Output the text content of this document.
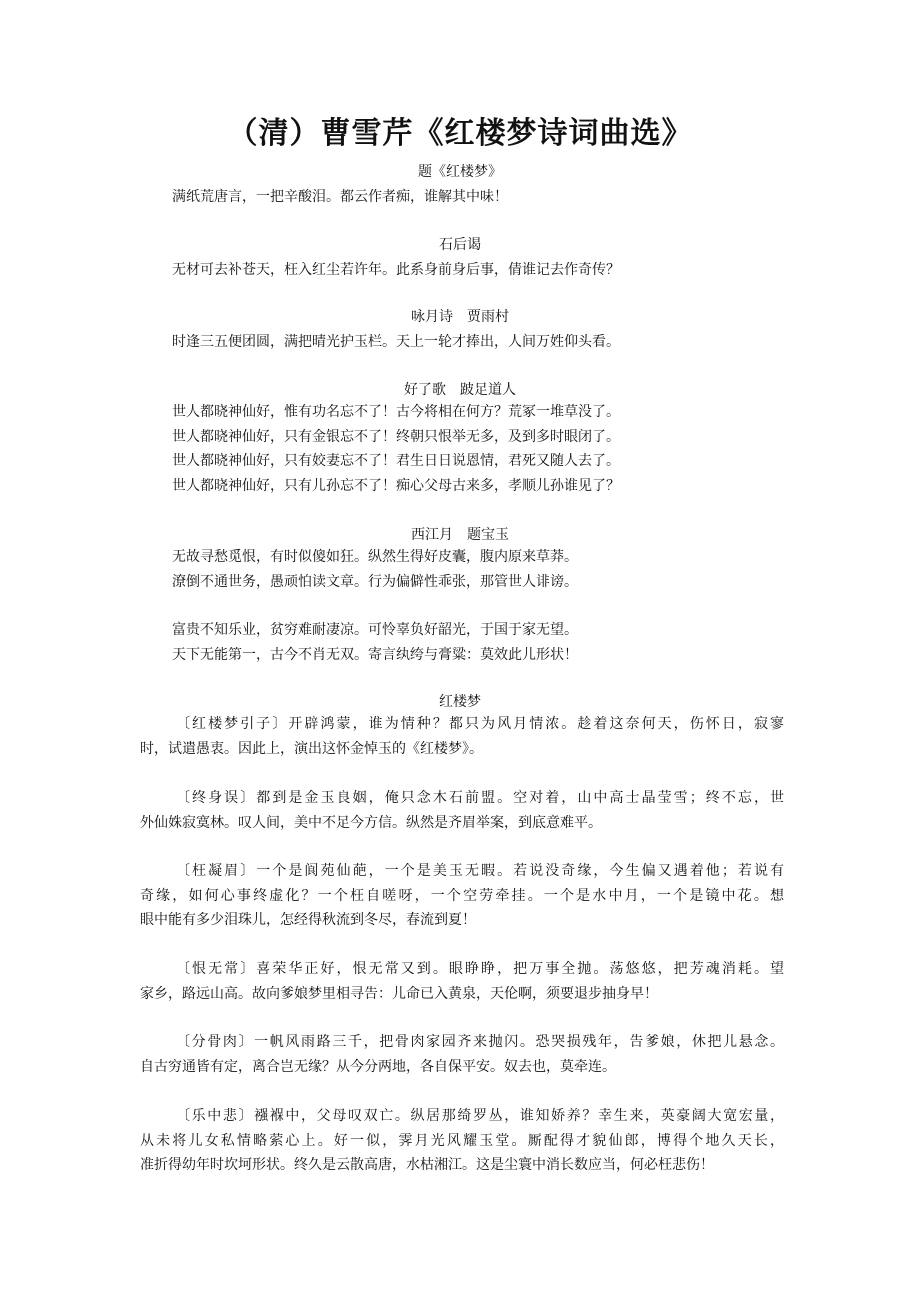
（清）曹雪芹《红楼梦诗词曲选》

题《红楼梦》

满纸荒唐言，一把辛酸泪。都云作者痴，谁解其中味！

石后谒

无材可去补苍天，枉入红尘若许年。此系身前身后事，倩谁记去作奇传？

咏月诗　贾雨村

时逢三五便团圆，满把晴光护玉栏。天上一轮才捧出，人间万姓仰头看。

好了歌　跛足道人

世人都晓神仙好，惟有功名忘不了！古今将相在何方？荒冢一堆草没了。
世人都晓神仙好，只有金银忘不了！终朝只恨举无多，及到多时眼闭了。
世人都晓神仙好，只有姣妻忘不了！君生日日说恩情，君死又随人去了。
世人都晓神仙好，只有儿孙忘不了！痴心父母古来多，孝顺儿孙谁见了？

西江月　题宝玉

无故寻愁觅恨，有时似傻如狂。纵然生得好皮囊，腹内原来草莽。
潦倒不通世务，愚顽怕读文章。行为偏僻性乖张，那管世人诽谤。
富贵不知乐业，贫穷难耐凄凉。可怜辜负好韶光，于国于家无望。
天下无能第一，古今不肖无双。寄言纨绔与膏粱：莫效此儿形状！

红楼梦

〔红楼梦引子〕开辟鸿蒙，谁为情种？都只为风月情浓。趁着这奈何天，伤怀日，寂寥
时，试遣愚衷。因此上，演出这怀金悼玉的《红楼梦》。
〔终身误〕都到是金玉良姻，俺只念木石前盟。空对着，山中高士晶莹雪；终不忘，世
外仙姝寂寞林。叹人间，美中不足今方信。纵然是齐眉举案，到底意难平。
〔枉凝眉〕一个是阆苑仙葩，一个是美玉无暇。若说没奇缘，今生偏又遇着他；若说有
奇缘，如何心事终虚化？一个枉自嗟呀，一个空劳牵挂。一个是水中月，一个是镜中花。想
眼中能有多少泪珠儿，怎经得秋流到冬尽，春流到夏！
〔恨无常〕喜荣华正好，恨无常又到。眼睁睁，把万事全抛。荡悠悠，把芳魂消耗。望
家乡，路远山高。故向爹娘梦里相寻告：儿命已入黄泉，天伦啊，须要退步抽身早！
〔分骨肉〕一帆风雨路三千，把骨肉家园齐来抛闪。恐哭损残年，告爹娘，休把儿悬念。
自古穷通皆有定，离合岂无缘？从今分两地，各自保平安。奴去也，莫牵连。
〔乐中悲〕襁褓中，父母叹双亡。纵居那绮罗丛，谁知娇养？幸生来，英豪阔大宽宏量，
从未将儿女私情略萦心上。好一似，霁月光风耀玉堂。厮配得才貌仙郎，博得个地久天长，
准折得幼年时坎坷形状。终久是云散高唐，水枯湘江。这是尘寰中消长数应当，何必枉悲伤！
